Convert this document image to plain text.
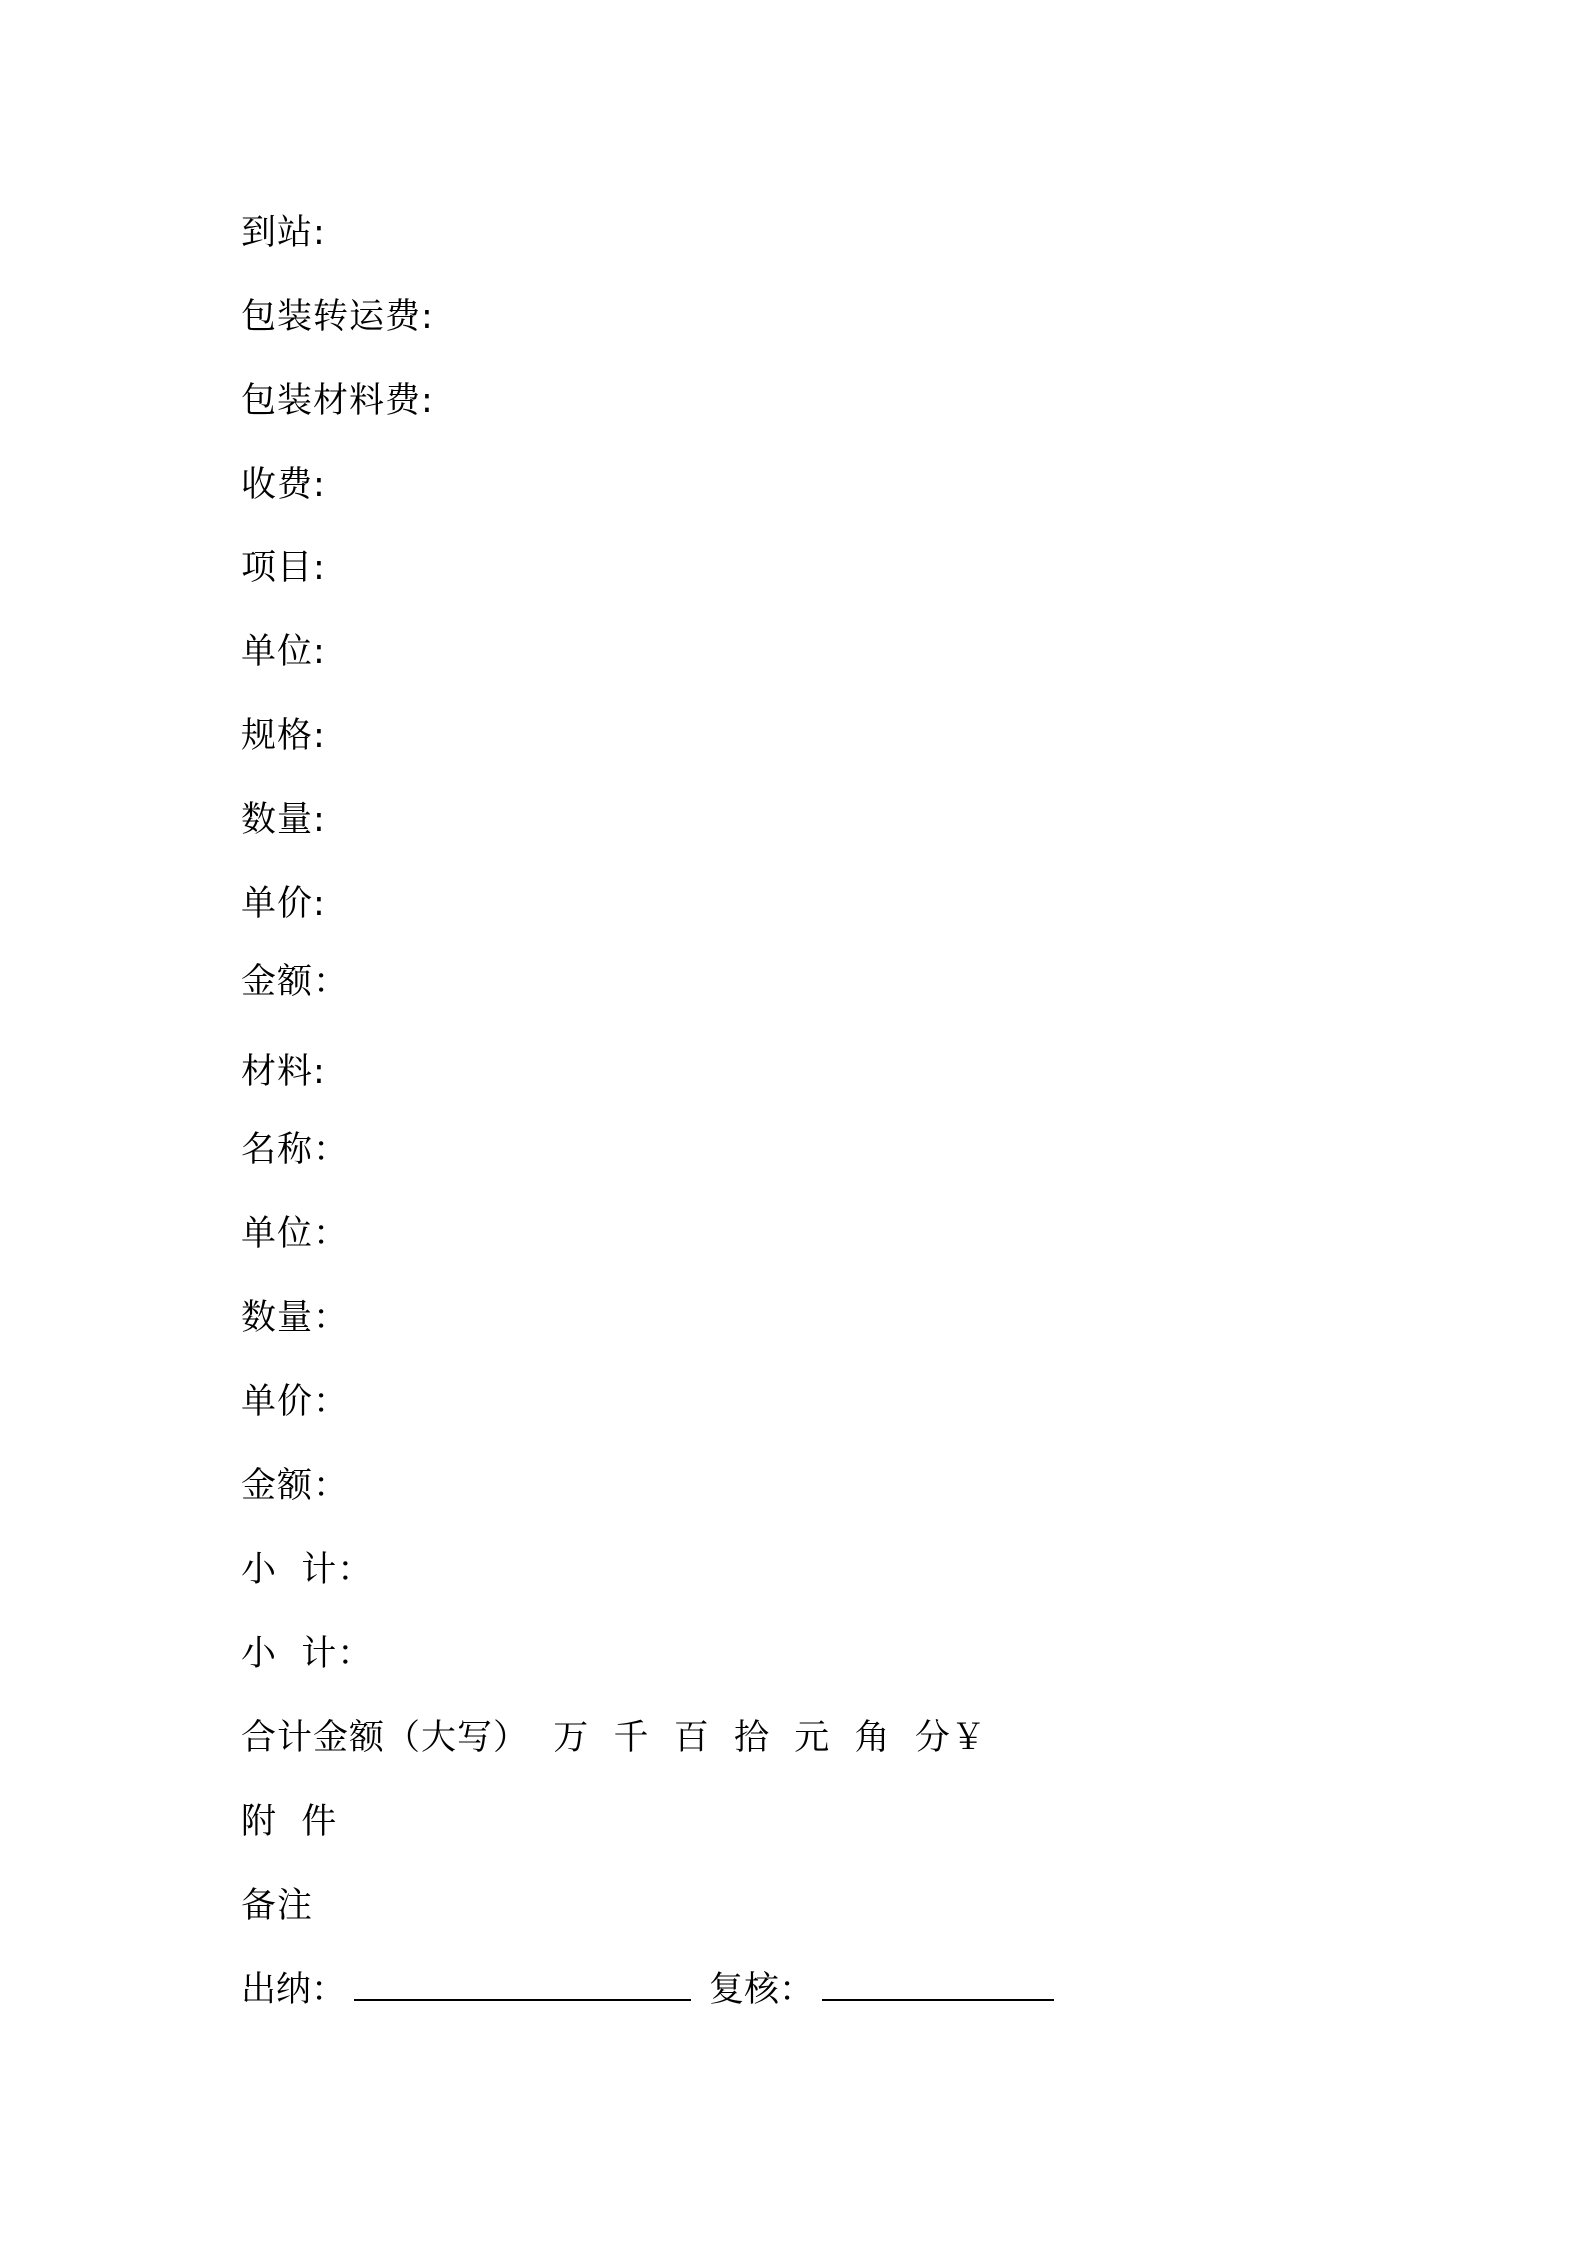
到站:
包装转运费:
包装材料费:
收费:
项目:
单位:
规格:
数量:
单价:
金额：
材料:
名称：
单位：
数量：
单价：
金额：
小  计：
小  计：
合计金额（大写）  万  千  百  拾  元  角  分￥
附  件
备注
出纳：	复核：
